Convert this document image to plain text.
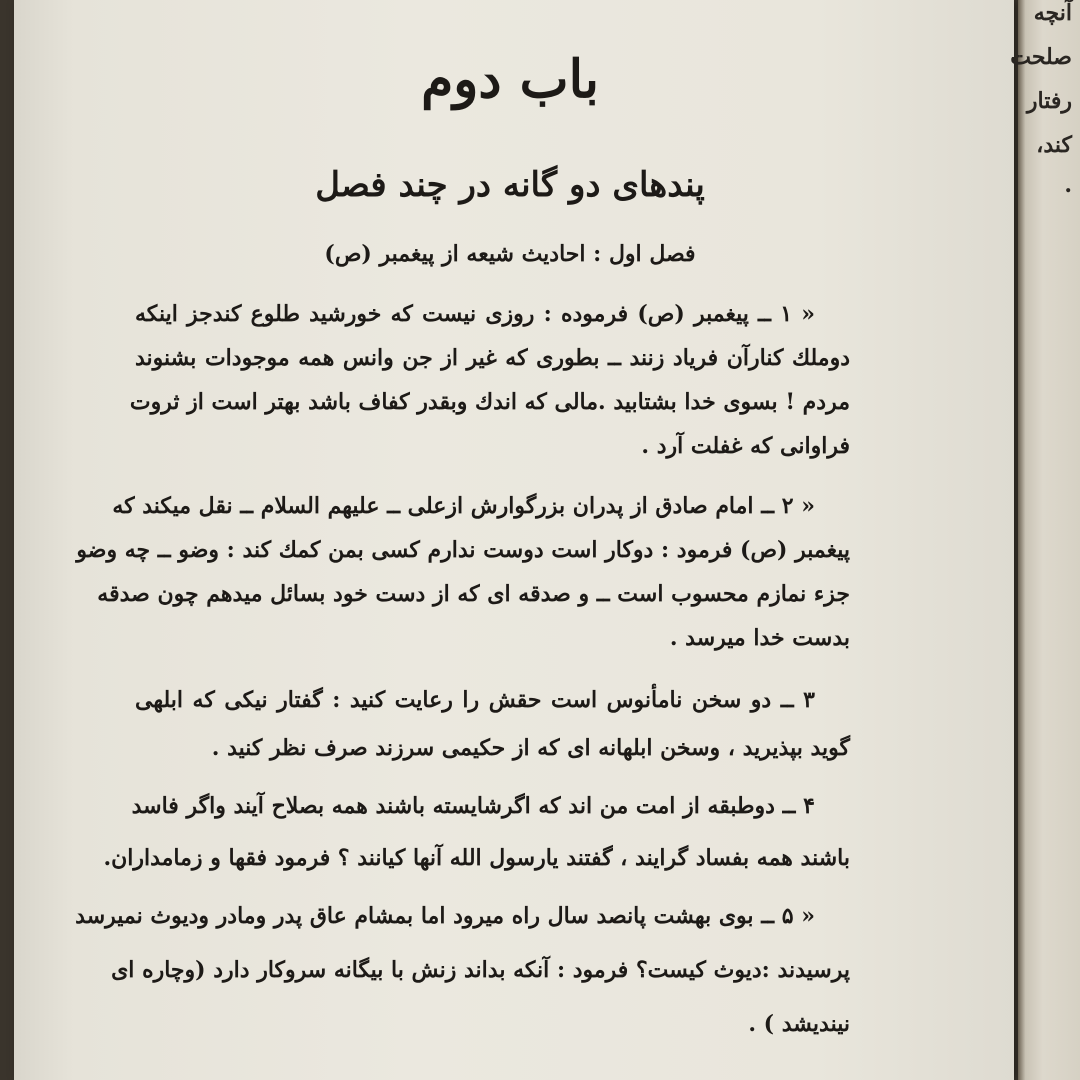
آنچه
صلحت
رفتار
کند،
.
باب دوم
پندهای دو گانه در چند فصل
فصل اول : احادیث شیعه از پیغمبر (ص)
« ۱ ــ پیغمبر (ص) فرموده : روزی نیست که خورشید طلوع کندجز اینکه
دوملك کنارآن فریاد زنند ــ بطوری که غیر از جن وانس همه موجودات بشنوند
مردم ! بسوی خدا بشتابید .مالی که اندك وبقدر کفاف باشد بهتر است از ثروت
فراوانی که غفلت آرد .
« ۲ ــ امام صادق از پدران بزرگوارش ازعلی ــ علیهم السلام ــ نقل میکند که
پیغمبر (ص) فرمود : دوکار است دوست ندارم کسی بمن کمك کند : وضو ــ چه وضو
جزء نمازم محسوب است ــ و صدقه ای که از دست خود بسائل میدهم چون صدقه
بدست خدا میرسد .
۳ ــ دو سخن نامأنوس است حقش را رعایت کنید : گفتار نیکی که ابلهی
گوید بپذیرید ، وسخن ابلهانه ای که از حکیمی سرزند صرف نظر کنید .
۴ ــ دوطبقه از امت من اند که اگرشایسته باشند همه بصلاح آیند واگر فاسد
باشند همه بفساد گرایند ، گفتند یارسول الله آنها کیانند ؟ فرمود فقها و زمامداران.
« ۵ ــ بوی بهشت پانصد سال راه میرود اما بمشام عاق پدر ومادر ودیوث نمیرسد
پرسیدند :دیوث کیست؟ فرمود : آنکه بداند زنش با بیگانه سروکار دارد (وچاره ای
نیندیشد ) .
